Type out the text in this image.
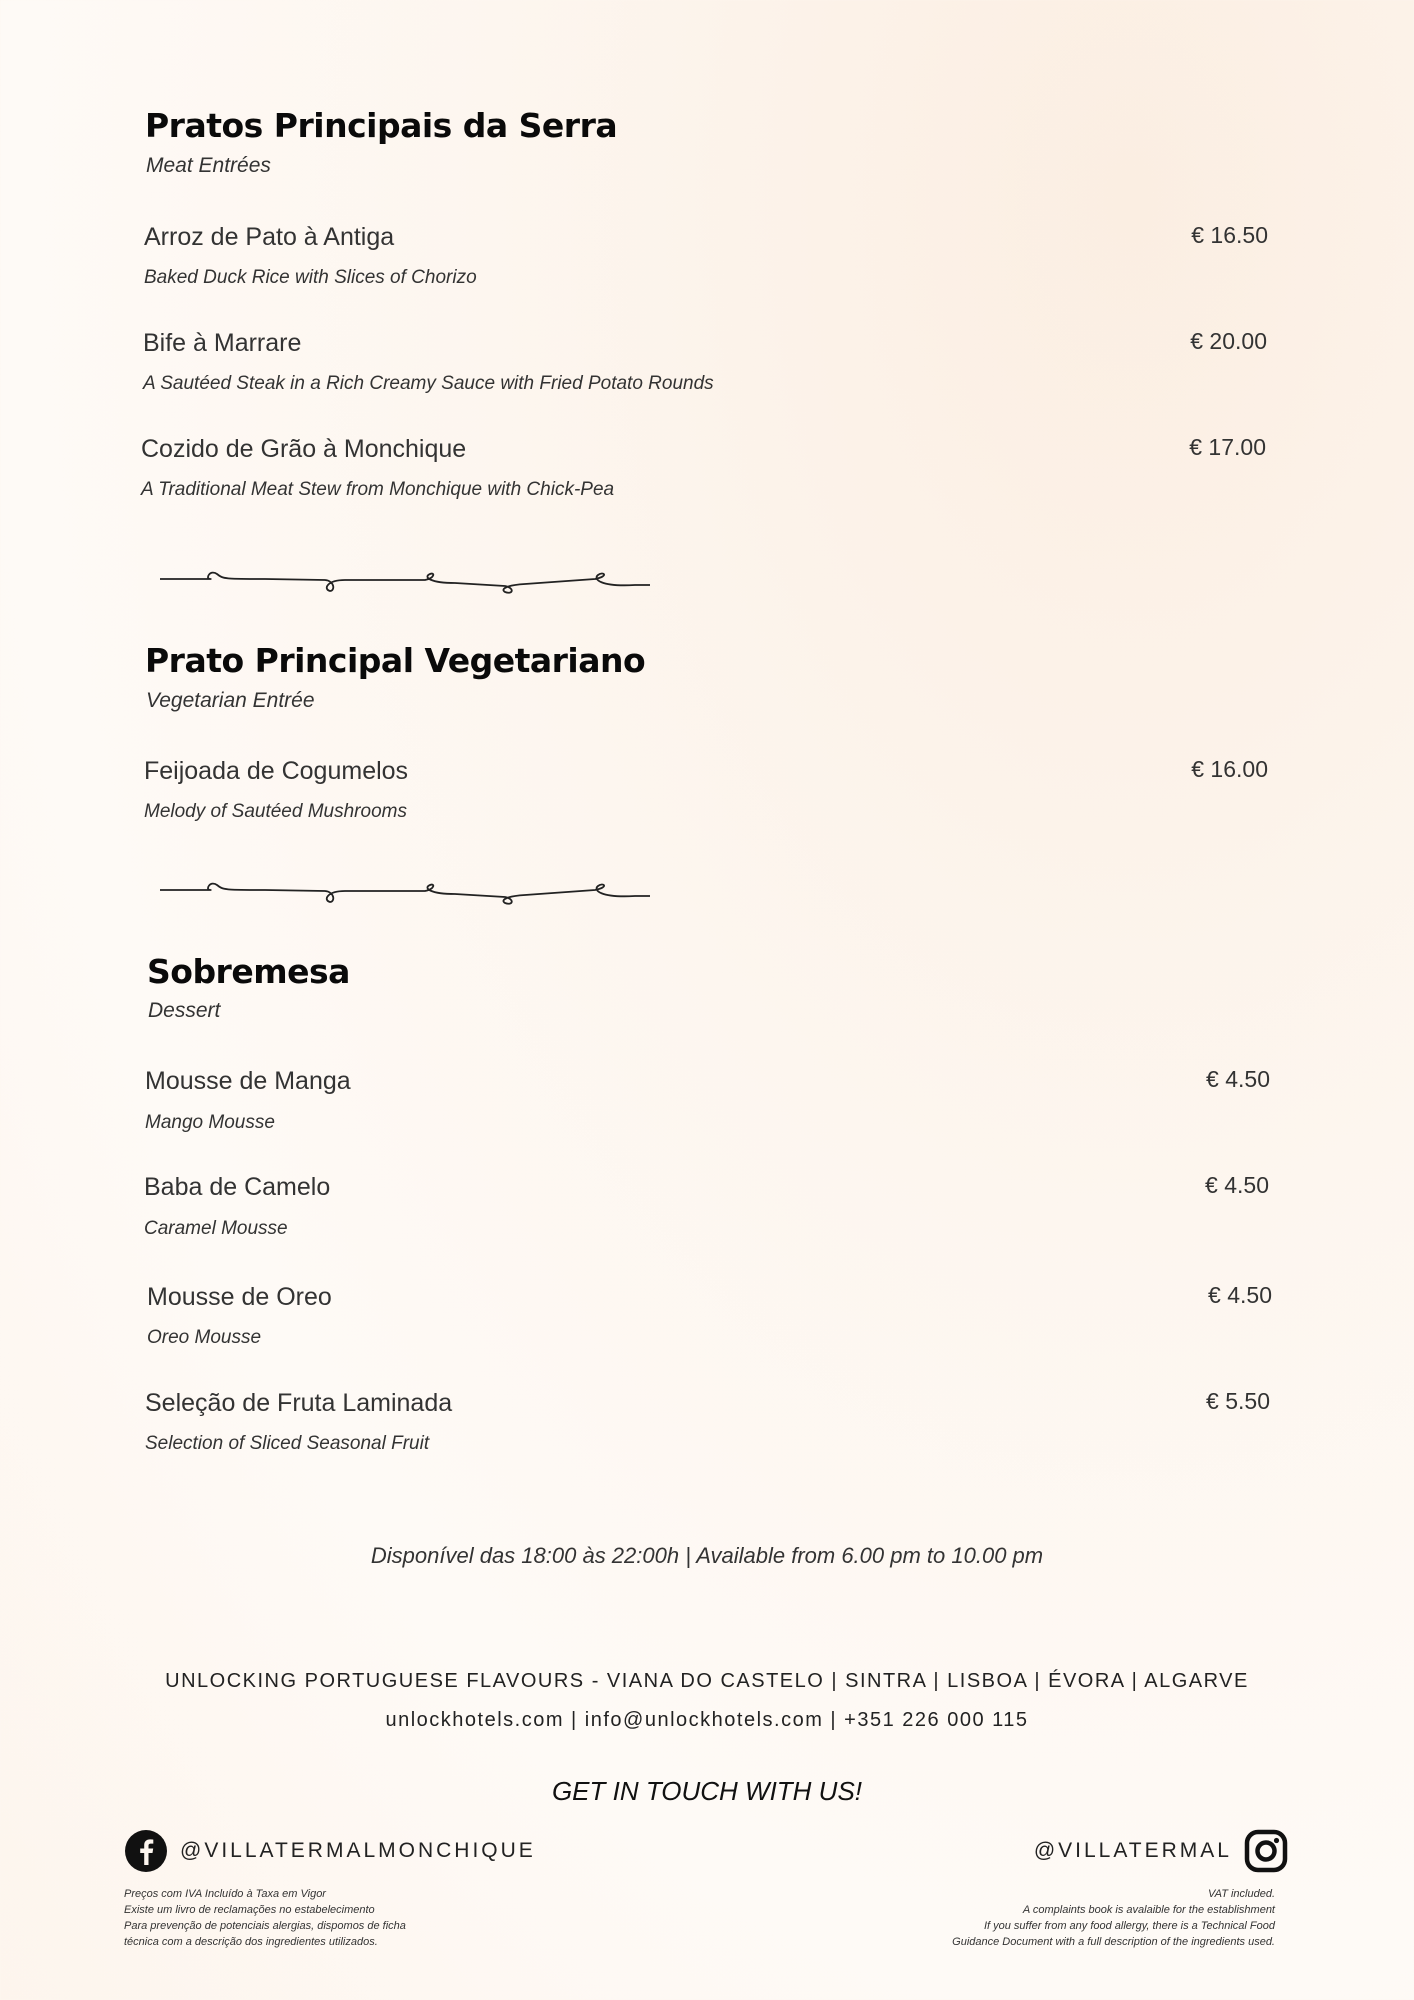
Pratos Principais da Serra
Meat Entrées
Arroz de Pato à Antiga
Baked Duck Rice with Slices of Chorizo
€ 16.50
Bife à Marrare
A Sautéed Steak in a Rich Creamy Sauce with Fried Potato Rounds
€ 20.00
Cozido de Grão à Monchique
A Traditional Meat Stew from Monchique with Chick-Pea
€ 17.00
Prato Principal Vegetariano
Vegetarian Entrée
Feijoada de Cogumelos
Melody of Sautéed Mushrooms
€ 16.00
Sobremesa
Dessert
Mousse de Manga
Mango Mousse
€ 4.50
Baba de Camelo
Caramel Mousse
€ 4.50
Mousse de Oreo
Oreo Mousse
€ 4.50
Seleção de Fruta Laminada
Selection of Sliced Seasonal Fruit
€ 5.50
Disponível das 18:00 às 22:00h | Available from 6.00 pm to 10.00 pm
UNLOCKING PORTUGUESE FLAVOURS - VIANA DO CASTELO | SINTRA | LISBOA | ÉVORA | ALGARVE
unlockhotels.com | info@unlockhotels.com | +351 226 000 115
GET IN TOUCH WITH US!
@VILLATERMALMONCHIQUE	@VILLATERMAL
Preços com IVA Incluído à Taxa em Vigor
Existe um livro de reclamações no estabelecimento
Para prevenção de potenciais alergias, dispomos de ficha
técnica com a descrição dos ingredientes utilizados.
VAT included.
A complaints book is avalaible for the establishment
If you suffer from any food allergy, there is a Technical Food
Guidance Document with a full description of the ingredients used.
